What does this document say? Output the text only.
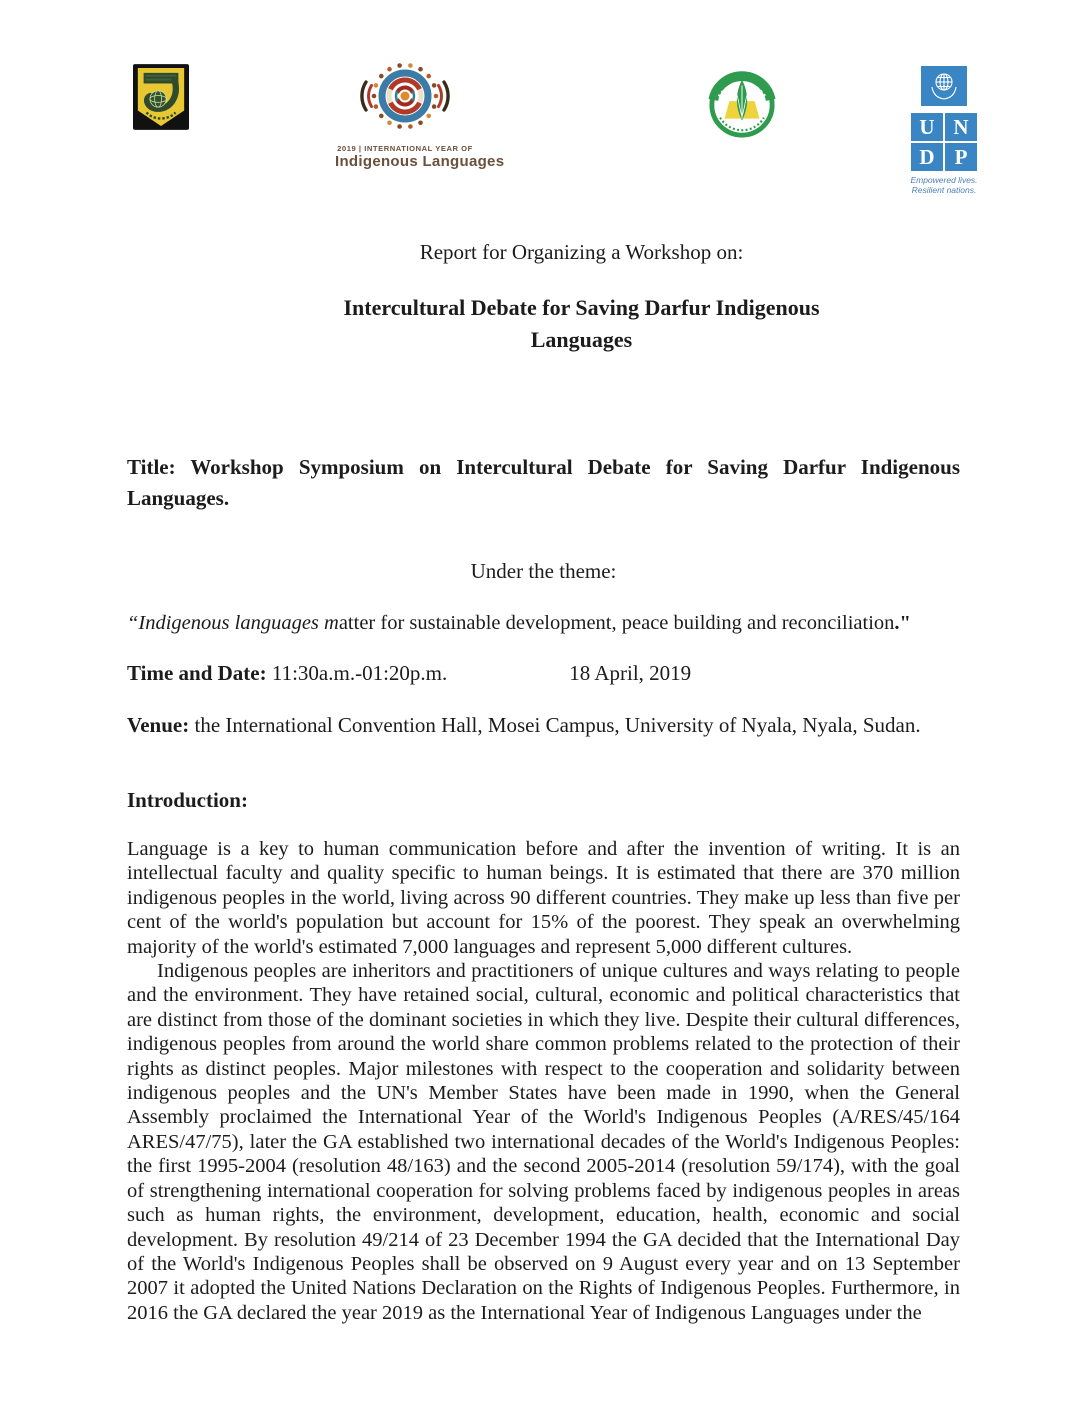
2019 | INTERNATIONAL YEAR OF
Indigenous Languages
U N
D P
Empowered lives.
Resilient nations.

Report for Organizing a Workshop on:

Intercultural Debate for Saving Darfur Indigenous
Languages

Title: Workshop Symposium on Intercultural Debate for Saving Darfur Indigenous Languages.

Under the theme:

“Indigenous languages matter for sustainable development, peace building and reconciliation."

Time and Date: 11:30a.m.-01:20p.m.	18 April, 2019

Venue: the International Convention Hall, Mosei Campus, University of Nyala, Nyala, Sudan.

Introduction:

Language is a key to human communication before and after the invention of writing. It is an intellectual faculty and quality specific to human beings. It is estimated that there are 370 million indigenous peoples in the world, living across 90 different countries. They make up less than five per cent of the world's population but account for 15% of the poorest. They speak an overwhelming majority of the world's estimated 7,000 languages and represent 5,000 different cultures.

Indigenous peoples are inheritors and practitioners of unique cultures and ways relating to people and the environment. They have retained social, cultural, economic and political characteristics that are distinct from those of the dominant societies in which they live. Despite their cultural differences, indigenous peoples from around the world share common problems related to the protection of their rights as distinct peoples. Major milestones with respect to the cooperation and solidarity between indigenous peoples and the UN's Member States have been made in 1990, when the General Assembly proclaimed the International Year of the World's Indigenous Peoples (A/RES/45/164 ARES/47/75), later the GA established two international decades of the World's Indigenous Peoples: the first 1995-2004 (resolution 48/163) and the second 2005-2014 (resolution 59/174), with the goal of strengthening international cooperation for solving problems faced by indigenous peoples in areas such as human rights, the environment, development, education, health, economic and social development. By resolution 49/214 of 23 December 1994 the GA decided that the International Day of the World's Indigenous Peoples shall be observed on 9 August every year and on 13 September 2007 it adopted the United Nations Declaration on the Rights of Indigenous Peoples. Furthermore, in 2016 the GA declared the year 2019 as the International Year of Indigenous Languages under the
